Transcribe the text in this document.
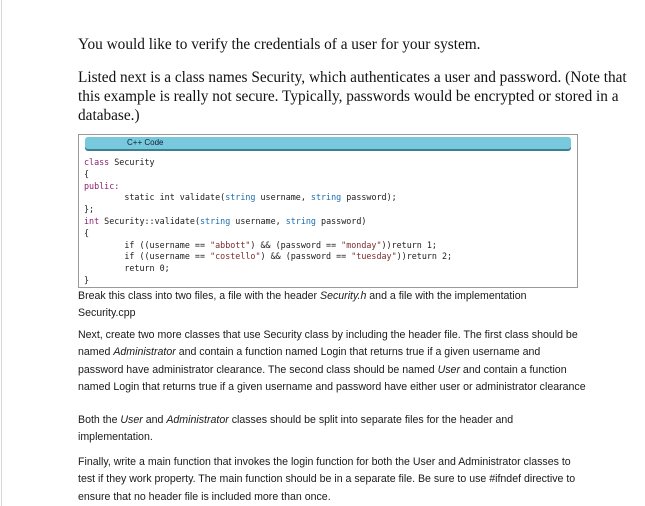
You would like to verify the credentials of a user for your system.

Listed next is a class names Security, which authenticates a user and password. (Note that this example is really not secure. Typically, passwords would be encrypted or stored in a database.)

C++ Code
class Security
{
public:
static int validate(string username, string password);
};
int Security::validate(string username, string password)
{
if ((username == "abbott") && (password == "monday"))return 1;
if ((username == "costello") && (password == "tuesday"))return 2;
return 0;
}

Break this class into two files, a file with the header Security.h and a file with the implementation Security.cpp

Next, create two more classes that use Security class by including the header file. The first class should be named Administrator and contain a function named Login that returns true if a given username and password have administrator clearance. The second class should be named User and contain a function named Login that returns true if a given username and password have either user or administrator clearance

Both the User and Administrator classes should be split into separate files for the header and implementation.

Finally, write a main function that invokes the login function for both the User and Administrator classes to test if they work property. The main function should be in a separate file. Be sure to use #ifndef directive to ensure that no header file is included more than once.
